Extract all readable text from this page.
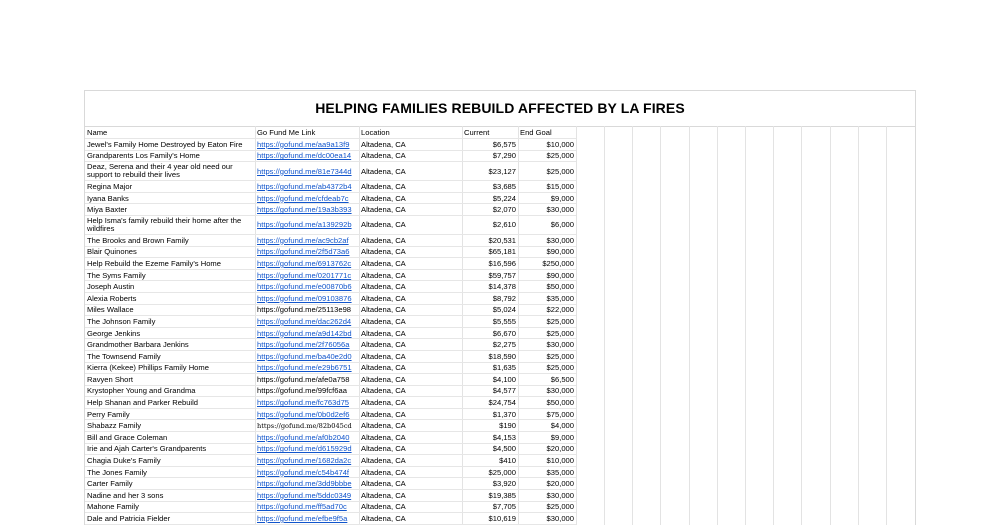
HELPING FAMILIES REBUILD AFFECTED BY LA FIRES
Name	Go Fund Me Link	Location	Current	End Goal
Jewel's Family Home Destroyed by Eaton Fire	https://gofund.me/aa9a13f9	Altadena, CA	$6,575	$10,000
Grandparents Los Family's Home	https://gofund.me/dc00ea14	Altadena, CA	$7,290	$25,000
Deaz, Serena and their 4 year old need our support to rebuild their lives	https://gofund.me/81e7344d	Altadena, CA	$23,127	$25,000
Regina Major	https://gofund.me/ab4372b4	Altadena, CA	$3,685	$15,000
Iyana Banks	https://gofund.me/cfdeab7c	Altadena, CA	$5,224	$9,000
Miya Baxter	https://gofund.me/19a3b393	Altadena, CA	$2,070	$30,000
Help Isma's family rebuild their home after the wildfires	https://gofund.me/a139292b	Altadena, CA	$2,610	$6,000
The Brooks and Brown Family	https://gofund.me/ac9cb2af	Altadena, CA	$20,531	$30,000
Blair Quinones	https://gofund.me/2f5d73a6	Altadena, CA	$65,181	$90,000
Help Rebuild the Ezeme Family's Home	https://gofund.me/6913762c	Altadena, CA	$16,596	$250,000
The Syms Family	https://gofund.me/0201771c	Altadena, CA	$59,757	$90,000
Joseph Austin	https://gofund.me/e00870b6	Altadena, CA	$14,378	$50,000
Alexia Roberts	https://gofund.me/09103876	Altadena, CA	$8,792	$35,000
Miles Wallace	https://gofund.me/25113e98	Altadena, CA	$5,024	$22,000
The Johnson Family	https://gofund.me/dac262d4	Altadena, CA	$5,555	$25,000
George Jenkins	https://gofund.me/a9d142bd	Altadena, CA	$6,670	$25,000
Grandmother Barbara Jenkins	https://gofund.me/2f76056a	Altadena, CA	$2,275	$30,000
The Townsend Family	https://gofund.me/ba40e2d0	Altadena, CA	$18,590	$25,000
Kierra (Kekee) Phillips Family Home	https://gofund.me/e29b6751	Altadena, CA	$1,635	$25,000
Ravyen Short	https://gofund.me/afe0a758	Altadena, CA	$4,100	$6,500
Krystopher Young and Grandma	https://gofund.me/99fcf6aa	Altadena, CA	$4,577	$30,000
Help Shanan and Parker Rebuild	https://gofund.me/fc763d75	Altadena, CA	$24,754	$50,000
Perry Family	https://gofund.me/0b0d2ef6	Altadena, CA	$1,370	$75,000
Shabazz Family	https://gofund.me/82b045cd	Altadena, CA	$190	$4,000
Bill and Grace Coleman	https://gofund.me/af0b2040	Altadena, CA	$4,153	$9,000
Irie and Ajah Carter's Grandparents	https://gofund.me/d615929d	Altadena, CA	$4,500	$20,000
Chagia Duke's Family	https://gofund.me/1682da2c	Altadena, CA	$410	$10,000
The Jones Family	https://gofund.me/c54b474f	Altadena, CA	$25,000	$35,000
Carter Family	https://gofund.me/3dd9bbbe	Altadena, CA	$3,920	$20,000
Nadine and her 3 sons	https://gofund.me/5ddc0349	Altadena, CA	$19,385	$30,000
Mahone Family	https://gofund.me/ff5ad70c	Altadena, CA	$7,705	$25,000
Dale and Patricia Fielder	https://gofund.me/efbe9f5a	Altadena, CA	$10,619	$30,000
